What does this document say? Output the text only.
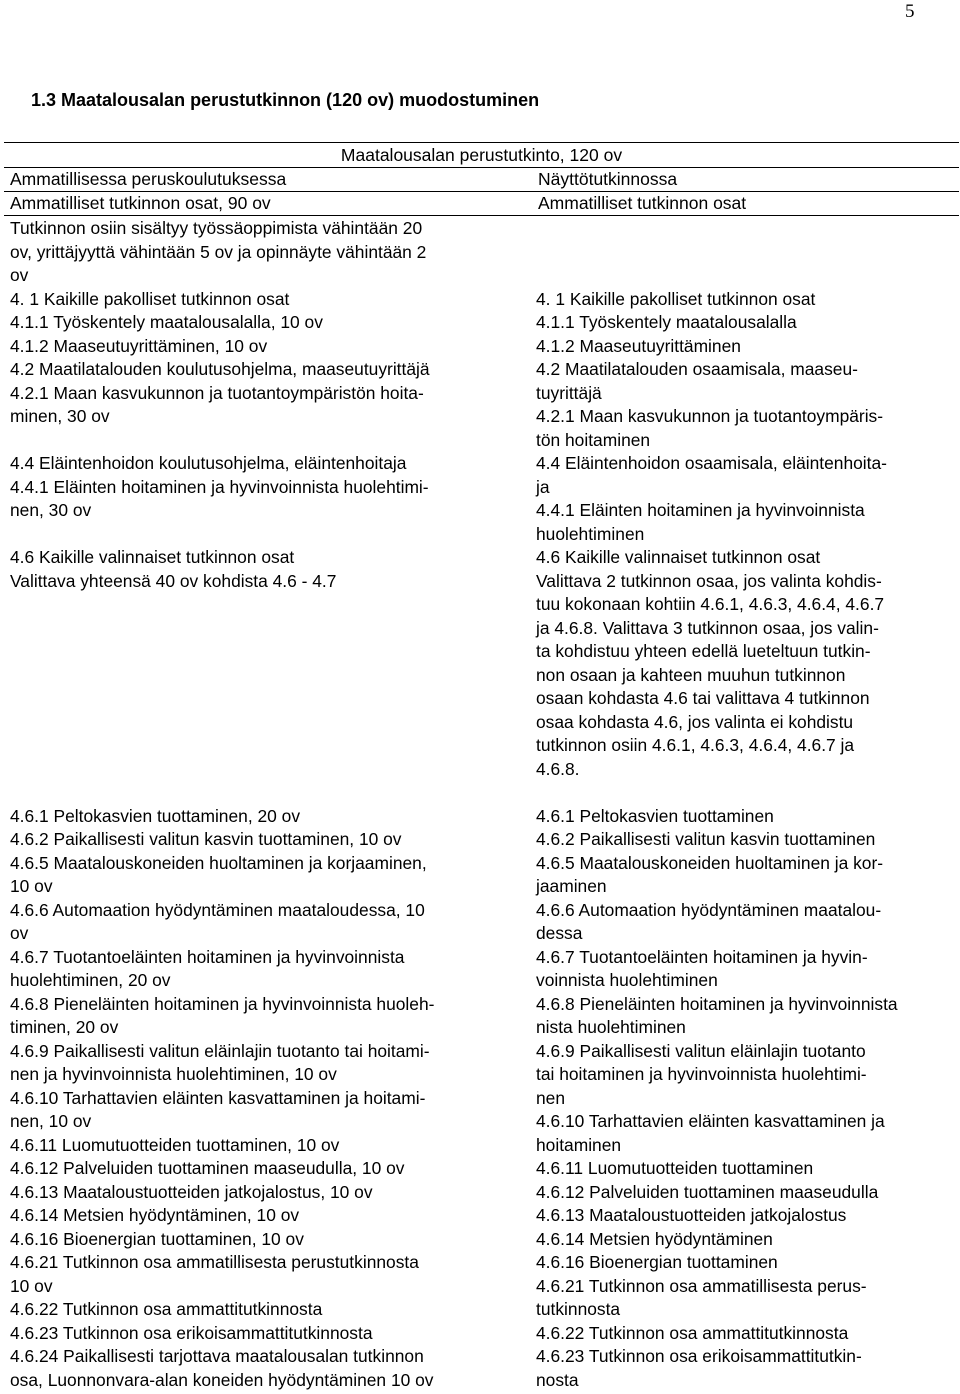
5
1.3 Maatalousalan perustutkinnon (120 ov) muodostuminen
Maatalousalan perustutkinto, 120 ov
Ammatillisessa peruskoulutuksessa	Näyttötutkinnossa
Ammatilliset tutkinnon osat, 90 ov	Ammatilliset tutkinnon osat
Tutkinnon osiin sisältyy työssäoppimista vähintään 20
ov, yrittäjyyttä vähintään 5 ov ja opinnäyte vähintään 2
ov
4. 1 Kaikille pakolliset tutkinnon osat
4.1.1 Työskentely maatalousalalla, 10 ov
4.1.2 Maaseutuyrittäminen, 10 ov
4.2 Maatilatalouden koulutusohjelma, maaseutuyrittäjä
4.2.1 Maan kasvukunnon ja tuotantoympäristön hoita-
minen, 30 ov
4.4 Eläintenhoidon koulutusohjelma, eläintenhoitaja
4.4.1 Eläinten hoitaminen ja hyvinvoinnista huolehtimi-
nen, 30 ov
4.6 Kaikille valinnaiset tutkinnon osat
Valittava yhteensä 40 ov kohdista 4.6 - 4.7
4.6.1 Peltokasvien tuottaminen, 20 ov
4.6.2 Paikallisesti valitun kasvin tuottaminen, 10 ov
4.6.5 Maatalouskoneiden huoltaminen ja korjaaminen,
10 ov
4.6.6 Automaation hyödyntäminen maataloudessa, 10
ov
4.6.7 Tuotantoeläinten hoitaminen ja hyvinvoinnista
huolehtiminen, 20 ov
4.6.8 Pieneläinten hoitaminen ja hyvinvoinnista huoleh-
timinen, 20 ov
4.6.9 Paikallisesti valitun eläinlajin tuotanto tai hoitami-
nen ja hyvinvoinnista huolehtiminen, 10 ov
4.6.10 Tarhattavien eläinten kasvattaminen ja hoitami-
nen, 10 ov
4.6.11 Luomutuotteiden tuottaminen, 10 ov
4.6.12 Palveluiden tuottaminen maaseudulla, 10 ov
4.6.13 Maataloustuotteiden jatkojalostus, 10 ov
4.6.14 Metsien hyödyntäminen, 10 ov
4.6.16 Bioenergian tuottaminen, 10 ov
4.6.21 Tutkinnon osa ammatillisesta perustutkinnosta
10 ov
4.6.22 Tutkinnon osa ammattitutkinnosta
4.6.23 Tutkinnon osa erikoisammattitutkinnosta
4.6.24 Paikallisesti tarjottava maatalousalan tutkinnon
osa, Luonnonvara-alan koneiden hyödyntäminen 10 ov
4. 1 Kaikille pakolliset tutkinnon osat
4.1.1 Työskentely maatalousalalla
4.1.2 Maaseutuyrittäminen
4.2 Maatilatalouden osaamisala, maaseu-
tuyrittäjä
4.2.1 Maan kasvukunnon ja tuotantoympäris-
tön hoitaminen
4.4 Eläintenhoidon osaamisala, eläintenhoita-
ja
4.4.1 Eläinten hoitaminen ja hyvinvoinnista
huolehtiminen
4.6 Kaikille valinnaiset tutkinnon osat
Valittava 2 tutkinnon osaa, jos valinta kohdis-
tuu kokonaan kohtiin 4.6.1, 4.6.3, 4.6.4, 4.6.7
ja 4.6.8. Valittava 3 tutkinnon osaa, jos valin-
ta kohdistuu yhteen edellä lueteltuun tutkin-
non osaan ja kahteen muuhun tutkinnon
osaan kohdasta 4.6 tai valittava 4 tutkinnon
osaa kohdasta 4.6, jos valinta ei kohdistu
tutkinnon osiin 4.6.1, 4.6.3, 4.6.4, 4.6.7 ja
4.6.8.
4.6.1 Peltokasvien tuottaminen
4.6.2 Paikallisesti valitun kasvin tuottaminen
4.6.5 Maatalouskoneiden huoltaminen ja kor-
jaaminen
4.6.6 Automaation hyödyntäminen maatalou-
dessa
4.6.7 Tuotantoeläinten hoitaminen ja hyvin-
voinnista huolehtiminen
4.6.8 Pieneläinten hoitaminen ja hyvinvoinnista
nista huolehtiminen
4.6.9 Paikallisesti valitun eläinlajin tuotanto
tai hoitaminen ja hyvinvoinnista huolehtimi-
nen
4.6.10 Tarhattavien eläinten kasvattaminen ja
hoitaminen
4.6.11 Luomutuotteiden tuottaminen
4.6.12 Palveluiden tuottaminen maaseudulla
4.6.13 Maataloustuotteiden jatkojalostus
4.6.14 Metsien hyödyntäminen
4.6.16 Bioenergian tuottaminen
4.6.21 Tutkinnon osa ammatillisesta perus-
tutkinnosta
4.6.22 Tutkinnon osa ammattitutkinnosta
4.6.23 Tutkinnon osa erikoisammattitutkin-
nosta
